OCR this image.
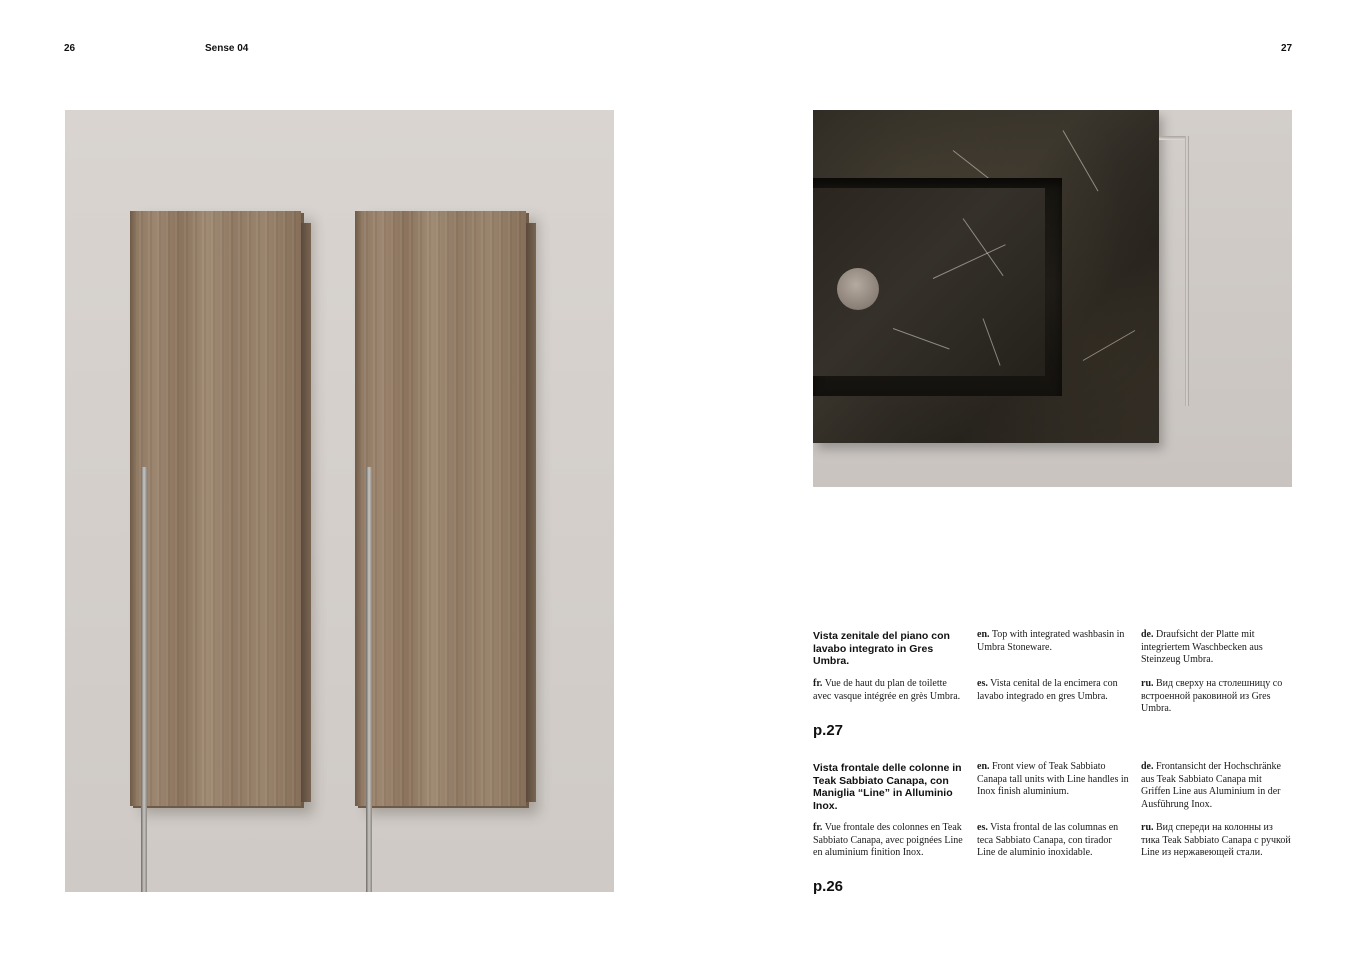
26	Sense 04	27
Vista zenitale del piano con lavabo integrato in Gres Umbra.
en. Top with integrated washbasin in Umbra Stoneware.
de. Draufsicht der Platte mit integriertem Waschbecken aus Steinzeug Umbra.
fr. Vue de haut du plan de toilette avec vasque intégrée en grès Umbra.
es. Vista cenital de la encimera con lavabo integrado en gres Umbra.
ru. Вид сверху на столешницу со встроенной раковиной из Gres Umbra.
p.27
Vista frontale delle colonne in Teak Sabbiato Canapa, con Maniglia “Line” in Alluminio Inox.
en. Front view of Teak Sabbiato Canapa tall units with Line handles in Inox finish aluminium.
de. Frontansicht der Hochschränke aus Teak Sabbiato Canapa mit Griffen Line aus Aluminium in der Ausführung Inox.
fr. Vue frontale des colonnes en Teak Sabbiato Canapa, avec poignées Line en aluminium finition Inox.
es. Vista frontal de las columnas en teca Sabbiato Canapa, con tirador Line de aluminio inoxidable.
ru. Вид спереди на колонны из тика Teak Sabbiato Canapa с ручкой Line из нержавеющей стали.
p.26
